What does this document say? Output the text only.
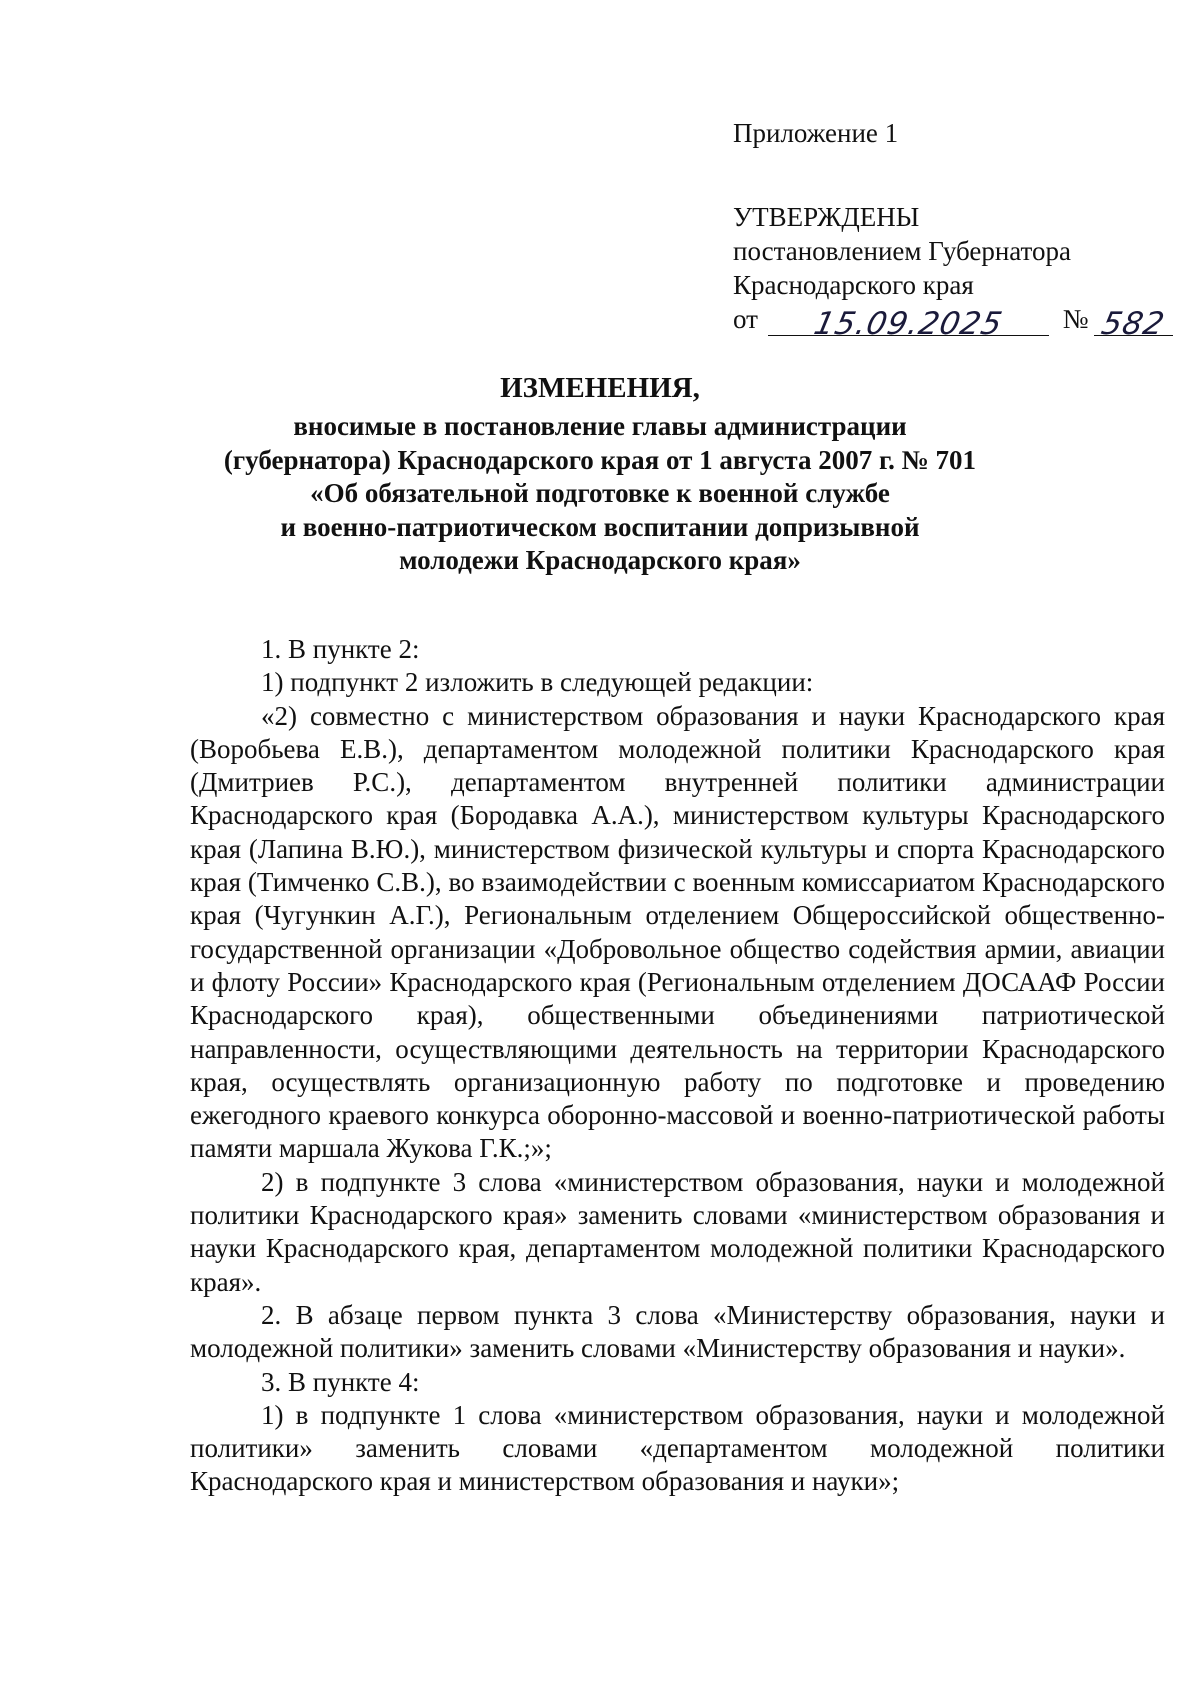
Приложение 1
УТВЕРЖДЕНЫ
постановлением Губернатора
Краснодарского края
от	15.09.2025	№ 582
ИЗМЕНЕНИЯ,
вносимые в постановление главы администрации
(губернатора) Краснодарского края от 1 августа 2007 г. № 701
«Об обязательной подготовке к военной службе
и военно-патриотическом воспитании допризывной
молодежи Краснодарского края»

1. В пункте 2:

1) подпункт 2 изложить в следующей редакции:

«2) совместно с министерством образования и науки Краснодарского края (Воробьева Е.В.), департаментом молодежной политики Краснодарского края (Дмитриев Р.С.), департаментом внутренней политики администрации Краснодарского края (Бородавка А.А.), министерством культуры Краснодарского края (Лапина В.Ю.), министерством физической культуры и спорта Краснодарского края (Тимченко С.В.), во взаимодействии с военным комиссариатом Краснодарского края (Чугункин А.Г.), Региональным отделением Общероссийской общественно-государственной организации «Добровольное общество содействия армии, авиации и флоту России» Краснодарского края (Региональным отделением ДОСААФ России Краснодарского края), общественными объединениями патриотической направленности, осуществляющими деятельность на территории Краснодарского края, осуществлять организационную работу по подготовке и проведению ежегодного краевого конкурса оборонно-массовой и военно-патриотической работы памяти маршала Жукова Г.К.;»;

2) в подпункте 3 слова «министерством образования, науки и молодежной политики Краснодарского края» заменить словами «министерством образования и науки Краснодарского края, департаментом молодежной политики Краснодарского края».

2. В абзаце первом пункта 3 слова «Министерству образования, науки и молодежной политики» заменить словами «Министерству образования и науки».

3. В пункте 4:

1) в подпункте 1 слова «министерством образования, науки и молодежной политики» заменить словами «департаментом молодежной политики Краснодарского края и министерством образования и науки»;
